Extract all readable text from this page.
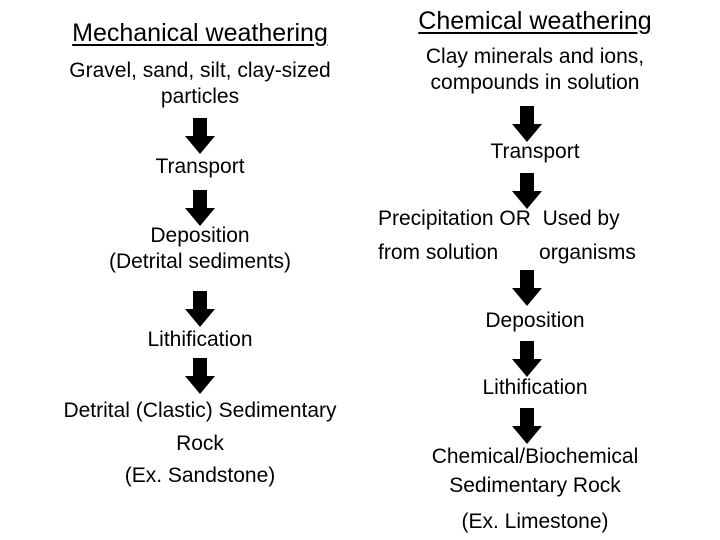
Mechanical weathering
Gravel, sand, silt, clay-sized
particles
Transport
Deposition
(Detrital sediments)
Lithification
Detrital (Clastic) Sedimentary
Rock
(Ex. Sandstone)
Chemical weathering
Clay minerals and ions,
compounds in solution
Transport
Precipitation OR  Used by
from solution       organisms
Deposition
Lithification
Chemical/Biochemical
Sedimentary Rock
(Ex. Limestone)
